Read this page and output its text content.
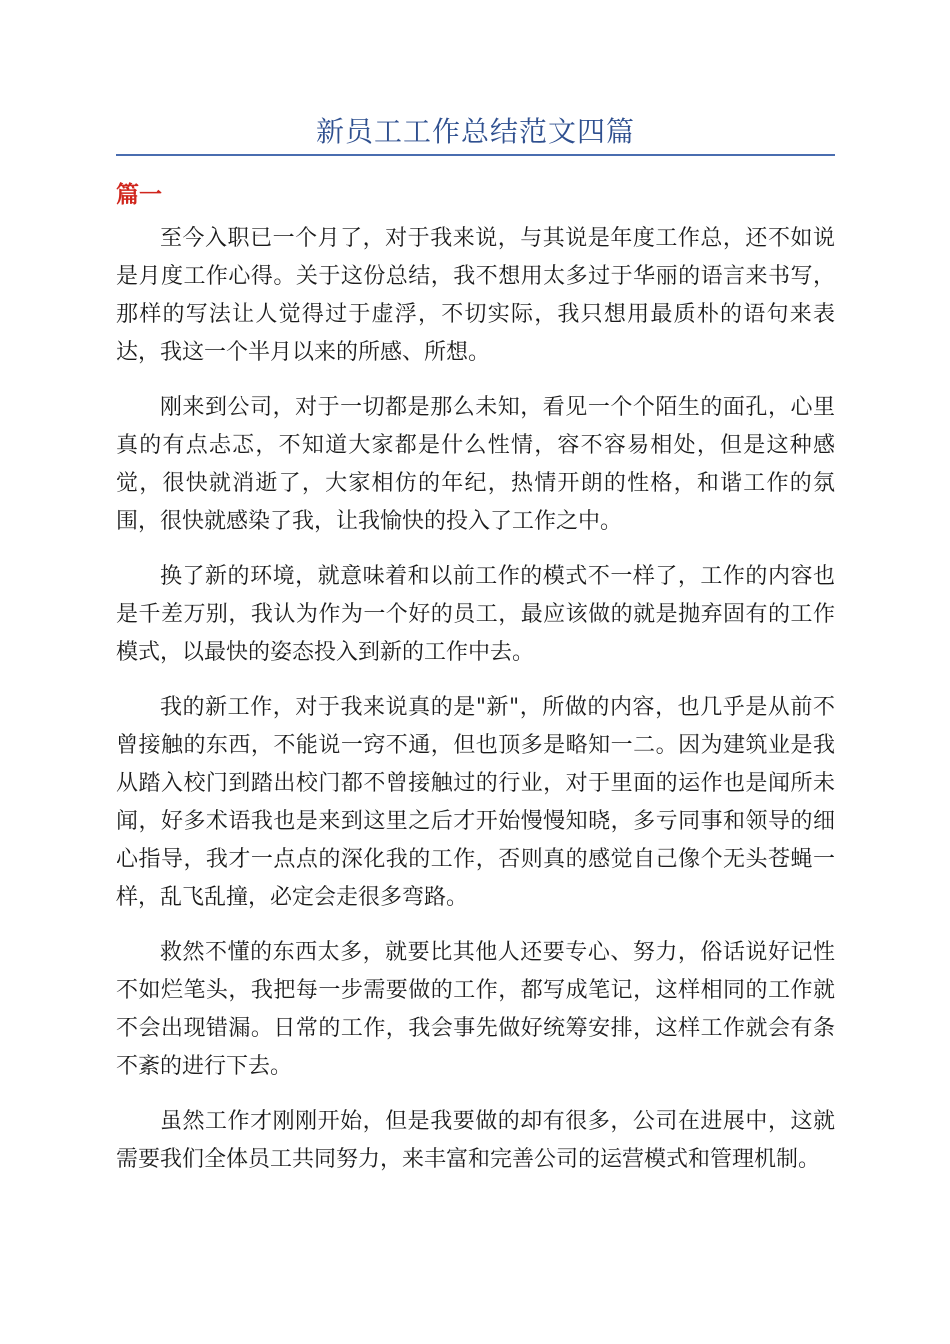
新员工工作总结范文四篇
篇一

至今入职已一个月了，对于我来说，与其说是年度工作总，还不如说是月度工作心得。关于这份总结，我不想用太多过于华丽的语言来书写，那样的写法让人觉得过于虚浮，不切实际，我只想用最质朴的语句来表达，我这一个半月以来的所感、所想。

刚来到公司，对于一切都是那么未知，看见一个个陌生的面孔，心里真的有点忐忑，不知道大家都是什么性情，容不容易相处，但是这种感觉，很快就消逝了，大家相仿的年纪，热情开朗的性格，和谐工作的氛围，很快就感染了我，让我愉快的投入了工作之中。

换了新的环境，就意味着和以前工作的模式不一样了，工作的内容也是千差万别，我认为作为一个好的员工，最应该做的就是抛弃固有的工作模式，以最快的姿态投入到新的工作中去。

我的新工作，对于我来说真的是"新"，所做的内容，也几乎是从前不曾接触的东西，不能说一窍不通，但也顶多是略知一二。因为建筑业是我从踏入校门到踏出校门都不曾接触过的行业，对于里面的运作也是闻所未闻，好多术语我也是来到这里之后才开始慢慢知晓，多亏同事和领导的细心指导，我才一点点的深化我的工作，否则真的感觉自己像个无头苍蝇一样，乱飞乱撞，必定会走很多弯路。

救然不懂的东西太多，就要比其他人还要专心、努力，俗话说好记性不如烂笔头，我把每一步需要做的工作，都写成笔记，这样相同的工作就不会出现错漏。日常的工作，我会事先做好统筹安排，这样工作就会有条不紊的进行下去。

虽然工作才刚刚开始，但是我要做的却有很多，公司在进展中，这就需要我们全体员工共同努力，来丰富和完善公司的运营模式和管理机制。
